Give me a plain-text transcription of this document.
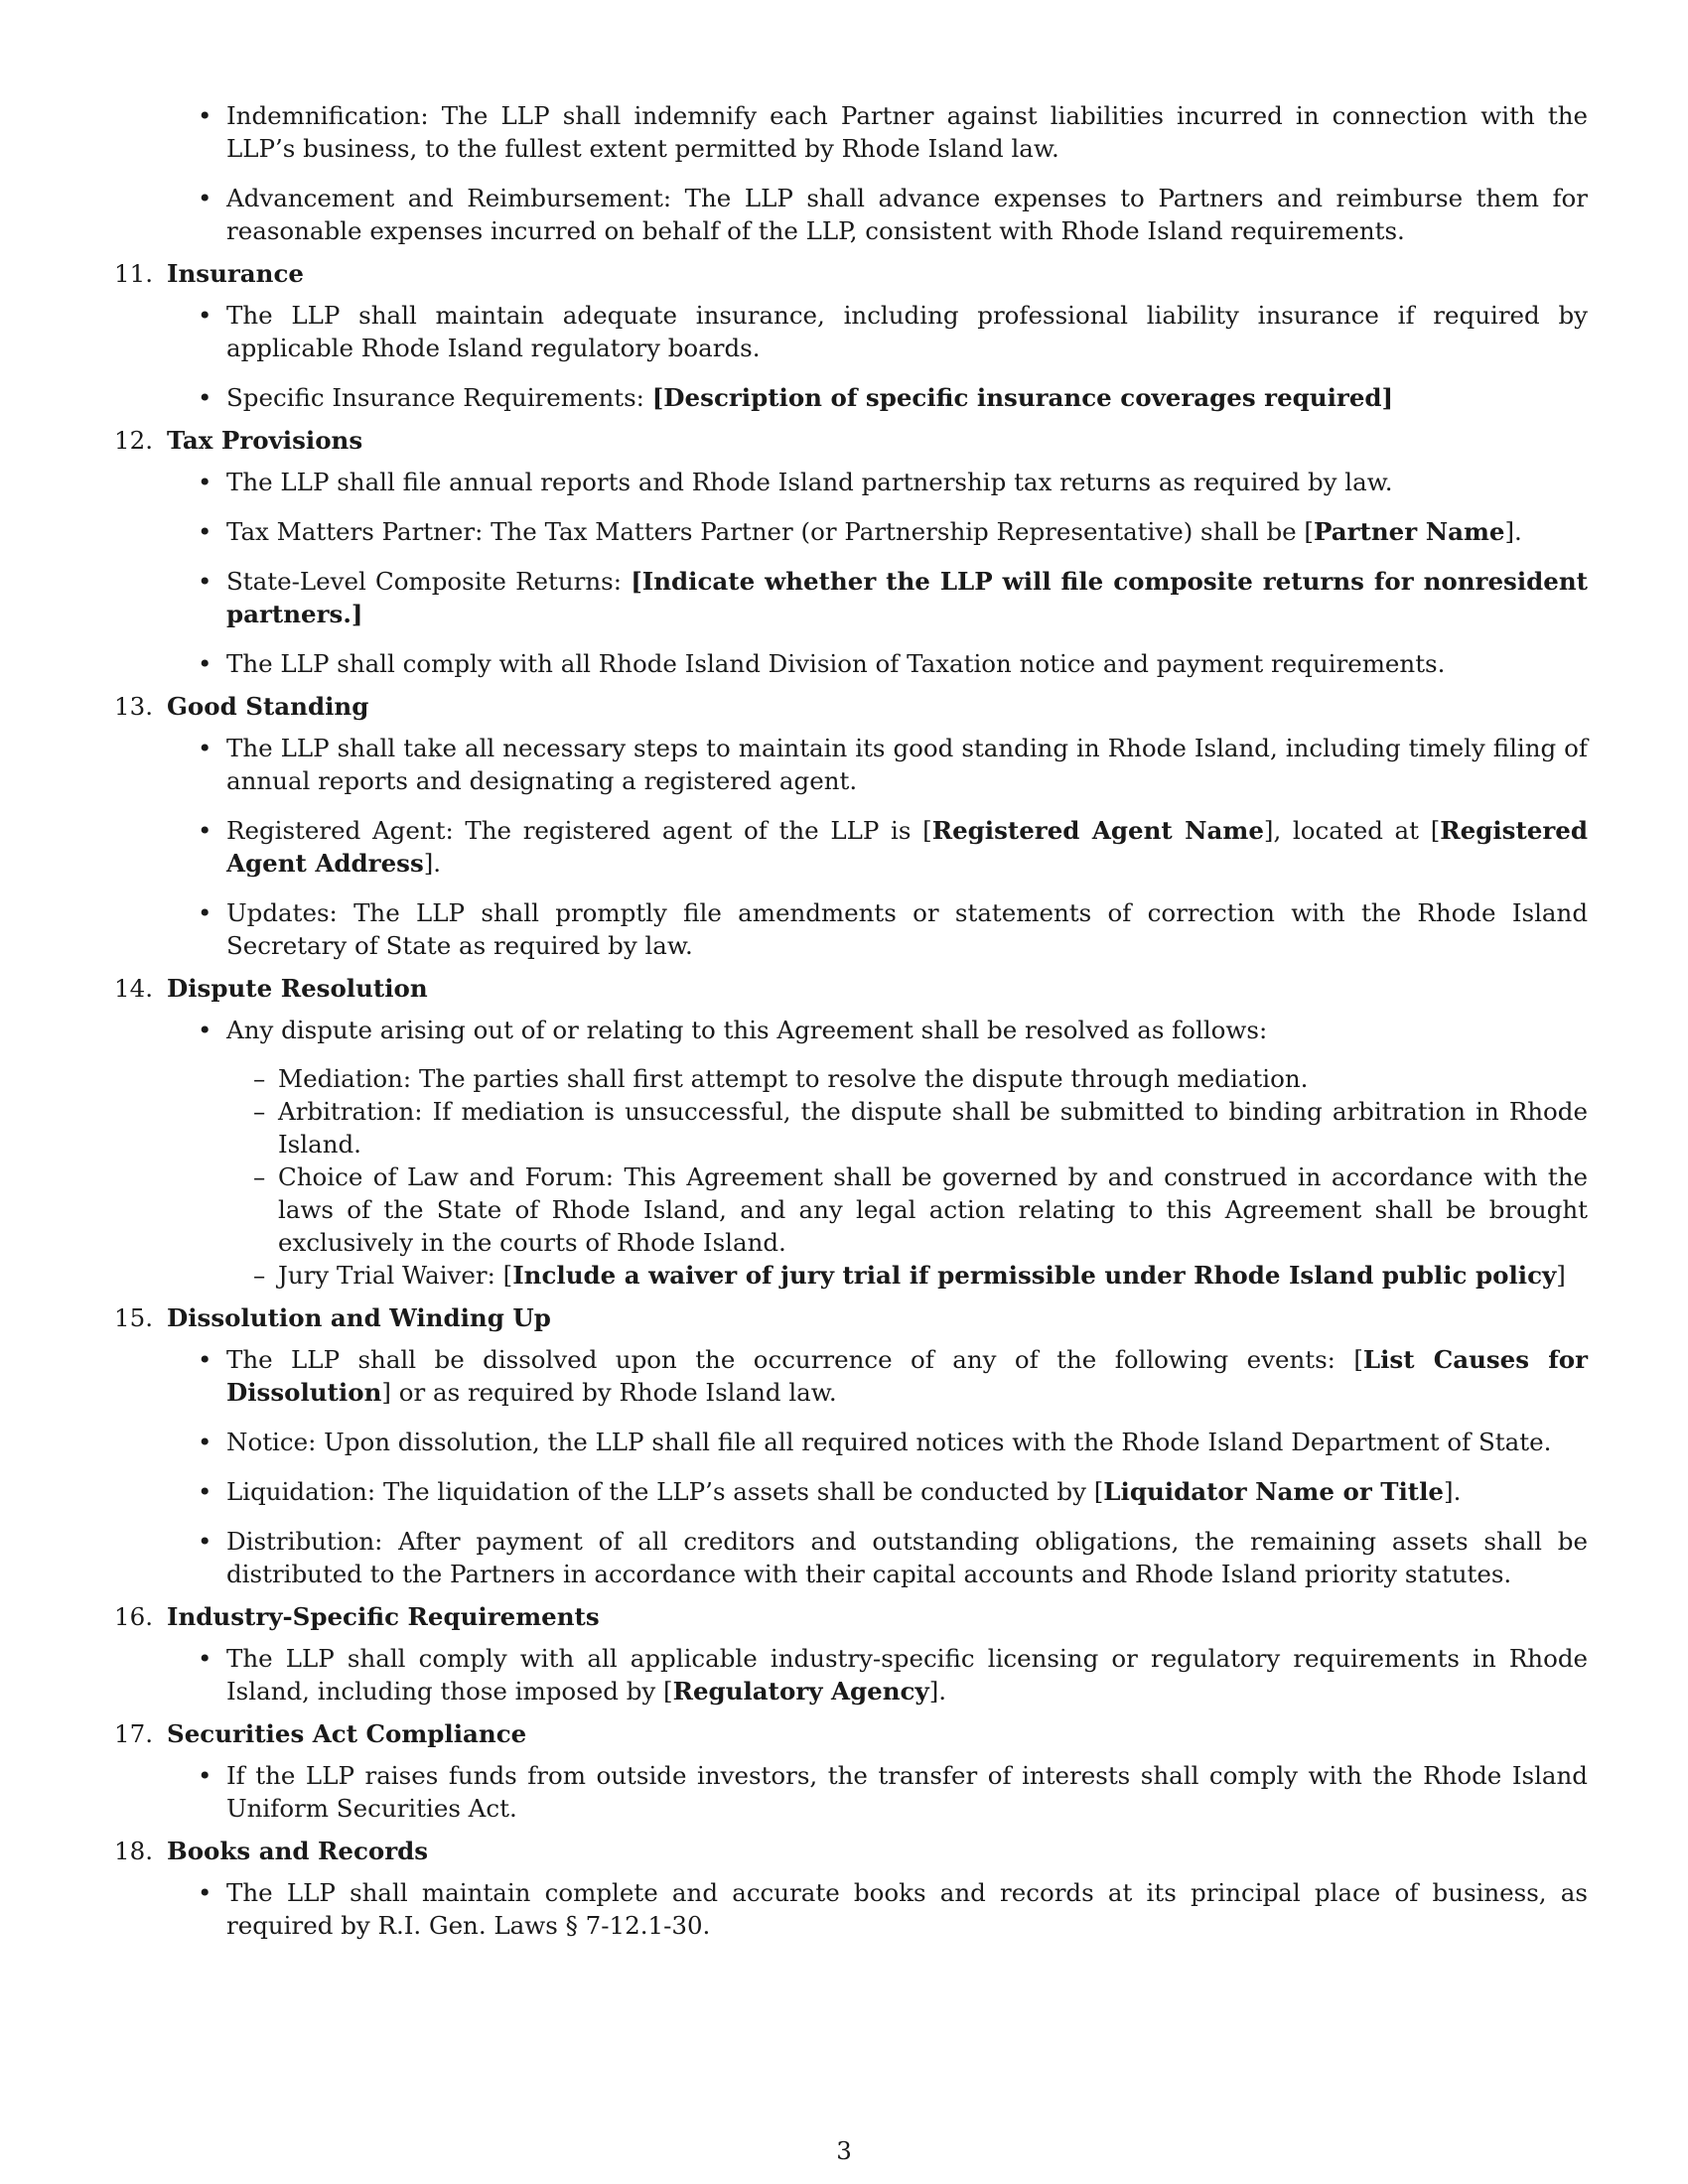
• Indemnification: The LLP shall indemnify each Partner against liabilities incurred in connection with the LLP’s business, to the fullest extent permitted by Rhode Island law.
• Advancement and Reimbursement: The LLP shall advance expenses to Partners and reimburse them for reasonable expenses incurred on behalf of the LLP, consistent with Rhode Island requirements.
11. Insurance
• The LLP shall maintain adequate insurance, including professional liability insurance if required by applicable Rhode Island regulatory boards.
• Specific Insurance Requirements: [Description of specific insurance coverages required]
12. Tax Provisions
• The LLP shall file annual reports and Rhode Island partnership tax returns as required by law.
• Tax Matters Partner: The Tax Matters Partner (or Partnership Representative) shall be [Partner Name].
• State-Level Composite Returns: [Indicate whether the LLP will file composite returns for nonresident partners.]
• The LLP shall comply with all Rhode Island Division of Taxation notice and payment requirements.
13. Good Standing
• The LLP shall take all necessary steps to maintain its good standing in Rhode Island, including timely filing of annual reports and designating a registered agent.
• Registered Agent: The registered agent of the LLP is [Registered Agent Name], located at [Registered Agent Address].
• Updates: The LLP shall promptly file amendments or statements of correction with the Rhode Island Secretary of State as required by law.
14. Dispute Resolution
• Any dispute arising out of or relating to this Agreement shall be resolved as follows:
– Mediation: The parties shall first attempt to resolve the dispute through mediation.
– Arbitration: If mediation is unsuccessful, the dispute shall be submitted to binding arbitration in Rhode Island.
– Choice of Law and Forum: This Agreement shall be governed by and construed in accordance with the laws of the State of Rhode Island, and any legal action relating to this Agreement shall be brought exclusively in the courts of Rhode Island.
– Jury Trial Waiver: [Include a waiver of jury trial if permissible under Rhode Island public policy]
15. Dissolution and Winding Up
• The LLP shall be dissolved upon the occurrence of any of the following events: [List Causes for Dissolution] or as required by Rhode Island law.
• Notice: Upon dissolution, the LLP shall file all required notices with the Rhode Island Department of State.
• Liquidation: The liquidation of the LLP’s assets shall be conducted by [Liquidator Name or Title].
• Distribution: After payment of all creditors and outstanding obligations, the remaining assets shall be distributed to the Partners in accordance with their capital accounts and Rhode Island priority statutes.
16. Industry-Specific Requirements
• The LLP shall comply with all applicable industry-specific licensing or regulatory requirements in Rhode Island, including those imposed by [Regulatory Agency].
17. Securities Act Compliance
• If the LLP raises funds from outside investors, the transfer of interests shall comply with the Rhode Island Uniform Securities Act.
18. Books and Records
• The LLP shall maintain complete and accurate books and records at its principal place of business, as required by R.I. Gen. Laws § 7-12.1-30.
3
